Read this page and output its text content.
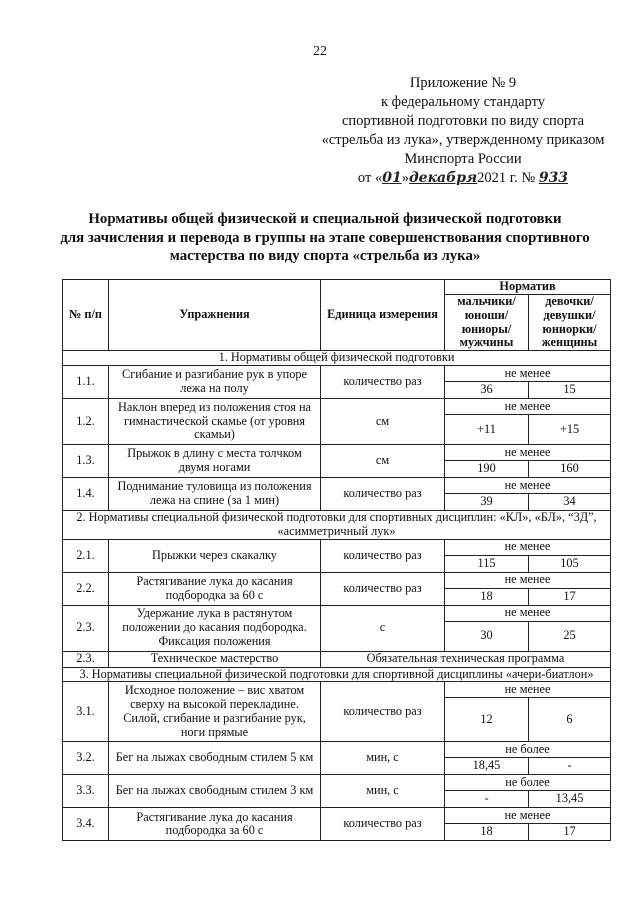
22
Приложение № 9
к федеральному стандарту
спортивной подготовки по виду спорта
«стрельба из лука», утвержденному приказом
Минспорта России
от «01»декабря2021 г. № 933
Нормативы общей физической и специальной физической подготовки
для зачисления и перевода в группы на этапе совершенствования спортивного
мастерства по виду спорта «стрельба из лука»
№ п/п	Упражнения	Единица измерения	Норматив	
			мальчики/ юноши/ юниоры/ мужчины	девочки/ девушки/ юниорки/ женщины
1. Нормативы общей физической подготовки				
1.1.	Сгибание и разгибание рук в упоре лежа на полу	количество раз	не менее	
			36	15
1.2.	Наклон вперед из положения стоя на гимнастической скамье (от уровня скамьи)	см	не менее	
			+11	+15
1.3.	Прыжок в длину с места толчком двумя ногами	см	не менее	
			190	160
1.4.	Поднимание туловища из положения лежа на спине (за 1 мин)	количество раз	не менее	
			39	34
2. Нормативы специальной физической подготовки для спортивных дисциплин: «КЛ», «БЛ», “3Д”, «асимметричный лук»				
2.1.	Прыжки через скакалку	количество раз	не менее	
			115	105
2.2.	Растягивание лука до касания подбородка за 60 с	количество раз	не менее	
			18	17
2.3.	Удержание лука в растянутом положении до касания подбородка. Фиксация положения	с	не менее	
			30	25
2.3.	Техническое мастерство	Обязательная техническая программа		
3. Нормативы специальной физической подготовки для спортивной дисциплины «ачери-биатлон»				
3.1.	Исходное положение – вис хватом сверху на высокой перекладине. Силой, сгибание и разгибание рук, ноги прямые	количество раз	не менее	
			12	6
3.2.	Бег на лыжах свободным стилем 5 км	мин, с	не более	
			18,45	-
3.3.	Бег на лыжах свободным стилем 3 км	мин, с	не более	
			-	13,45
3.4.	Растягивание лука до касания подбородка за 60 с	количество раз	не менее	
			18	17
